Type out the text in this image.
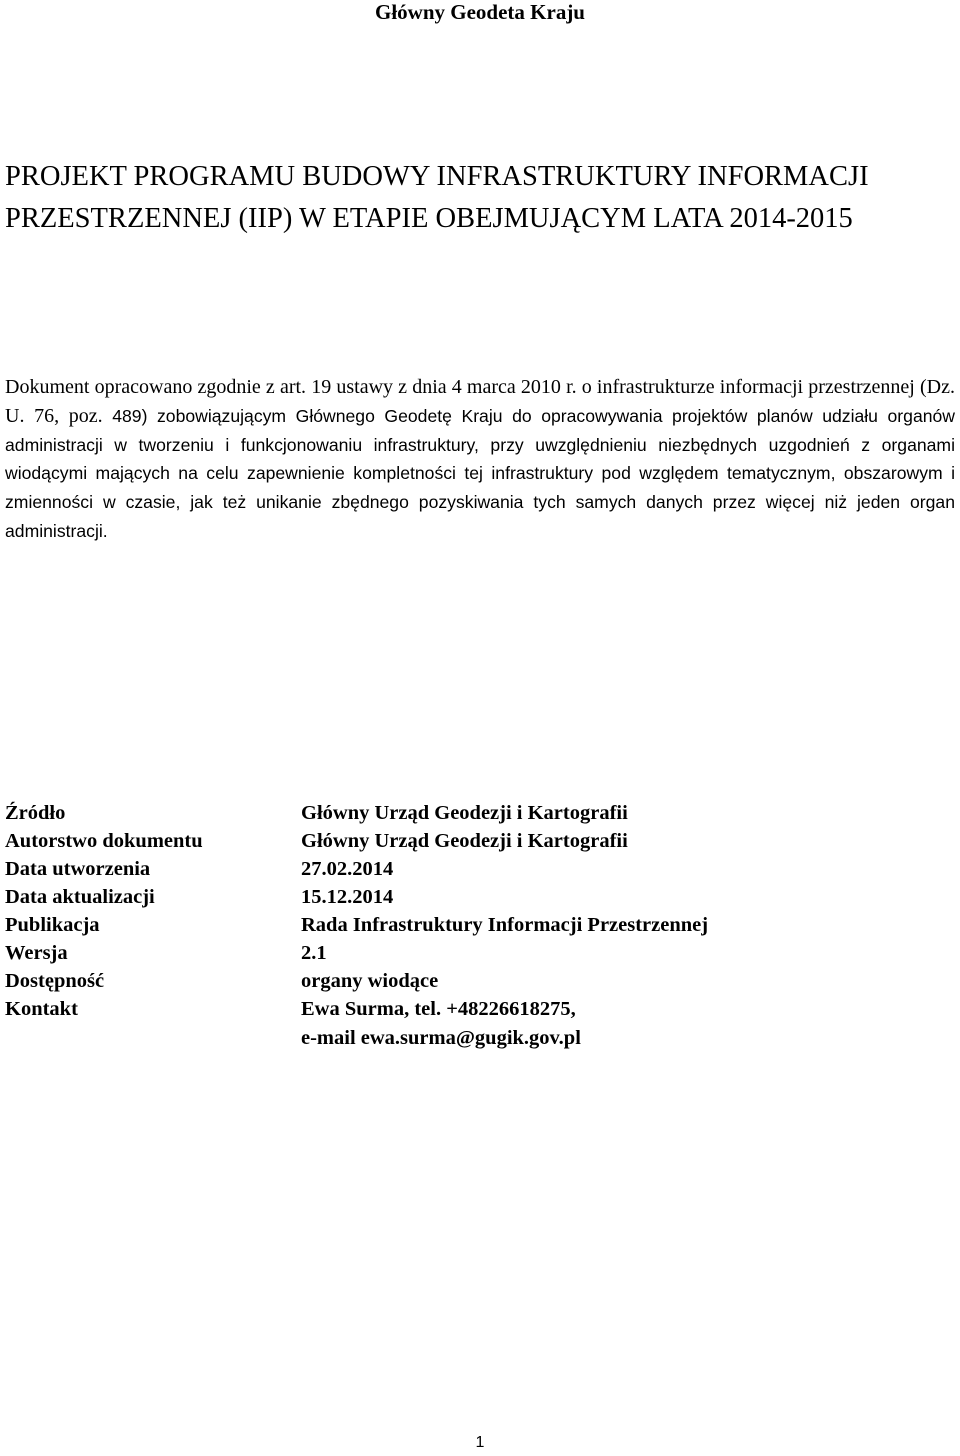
Główny Geodeta Kraju
PROJEKT PROGRAMU BUDOWY INFRASTRUKTURY INFORMACJI
PRZESTRZENNEJ (IIP) W ETAPIE OBEJMUJĄCYM LATA 2014-2015

Dokument opracowano zgodnie z art. 19 ustawy z dnia 4 marca 2010 r. o infrastrukturze informacji przestrzennej (Dz. U. 76, poz. 489) zobowiązującym Głównego Geodetę Kraju do opracowywania projektów planów udziału organów administracji w tworzeniu i funkcjonowaniu infrastruktury, przy uwzględnieniu niezbędnych uzgodnień z organami wiodącymi mających na celu zapewnienie kompletności tej infrastruktury pod względem tematycznym, obszarowym i zmienności w czasie, jak też unikanie zbędnego pozyskiwania tych samych danych przez więcej niż jeden organ administracji.

Źródło	Główny Urząd Geodezji i Kartografii
Autorstwo dokumentu	Główny Urząd Geodezji i Kartografii
Data utworzenia	27.02.2014
Data aktualizacji	15.12.2014
Publikacja	Rada Infrastruktury Informacji Przestrzennej
Wersja	2.1
Dostępność	organy wiodące
Kontakt	Ewa Surma, tel. +48226618275,
e-mail ewa.surma@gugik.gov.pl
1
